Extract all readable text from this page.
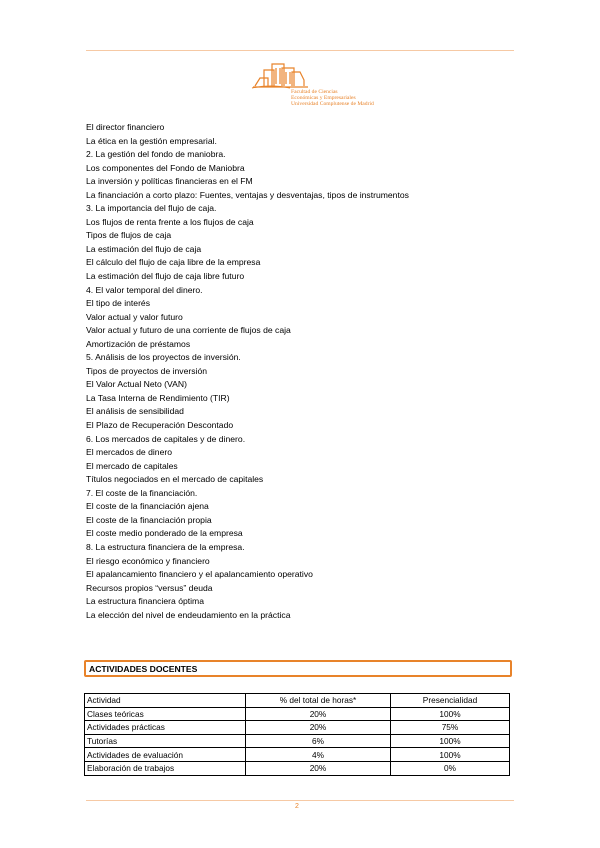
Facultad de Ciencias
Económicas y Empresariales
Universidad Complutense de Madrid
El director financiero
La ética en la gestión empresarial.
2. La gestión del fondo de maniobra.
Los componentes del Fondo de Maniobra
La inversión y políticas financieras en el FM
La financiación a corto plazo: Fuentes, ventajas y desventajas, tipos de instrumentos
3. La importancia del flujo de caja.
Los flujos de renta frente a los flujos de caja
Tipos de flujos de caja
La estimación del flujo de caja
El cálculo del flujo de caja libre de la empresa
La estimación del flujo de caja libre futuro
4. El valor temporal del dinero.
El tipo de interés
Valor actual y valor futuro
Valor actual y futuro de una corriente de flujos de caja
Amortización de préstamos
5. Análisis de los proyectos de inversión.
Tipos de proyectos de inversión
El Valor Actual Neto (VAN)
La Tasa Interna de Rendimiento (TIR)
El análisis de sensibilidad
El Plazo de Recuperación Descontado
6. Los mercados de capitales y de dinero.
El mercados de dinero
El mercado de capitales
Títulos negociados en el mercado de capitales
7. El coste de la financiación.
El coste de la financiación ajena
El coste de la financiación propia
El coste medio ponderado de la empresa
8. La estructura financiera de la empresa.
El riesgo económico y financiero
El apalancamiento financiero y el apalancamiento operativo
Recursos propios “versus” deuda
La estructura financiera óptima
La elección del nivel de endeudamiento en la práctica
ACTIVIDADES DOCENTES
Actividad	% del total de horas*	Presencialidad
Clases teóricas	20%	100%
Actividades prácticas	20%	75%
Tutorías	6%	100%
Actividades de evaluación	4%	100%
Elaboración de trabajos	20%	0%
2
